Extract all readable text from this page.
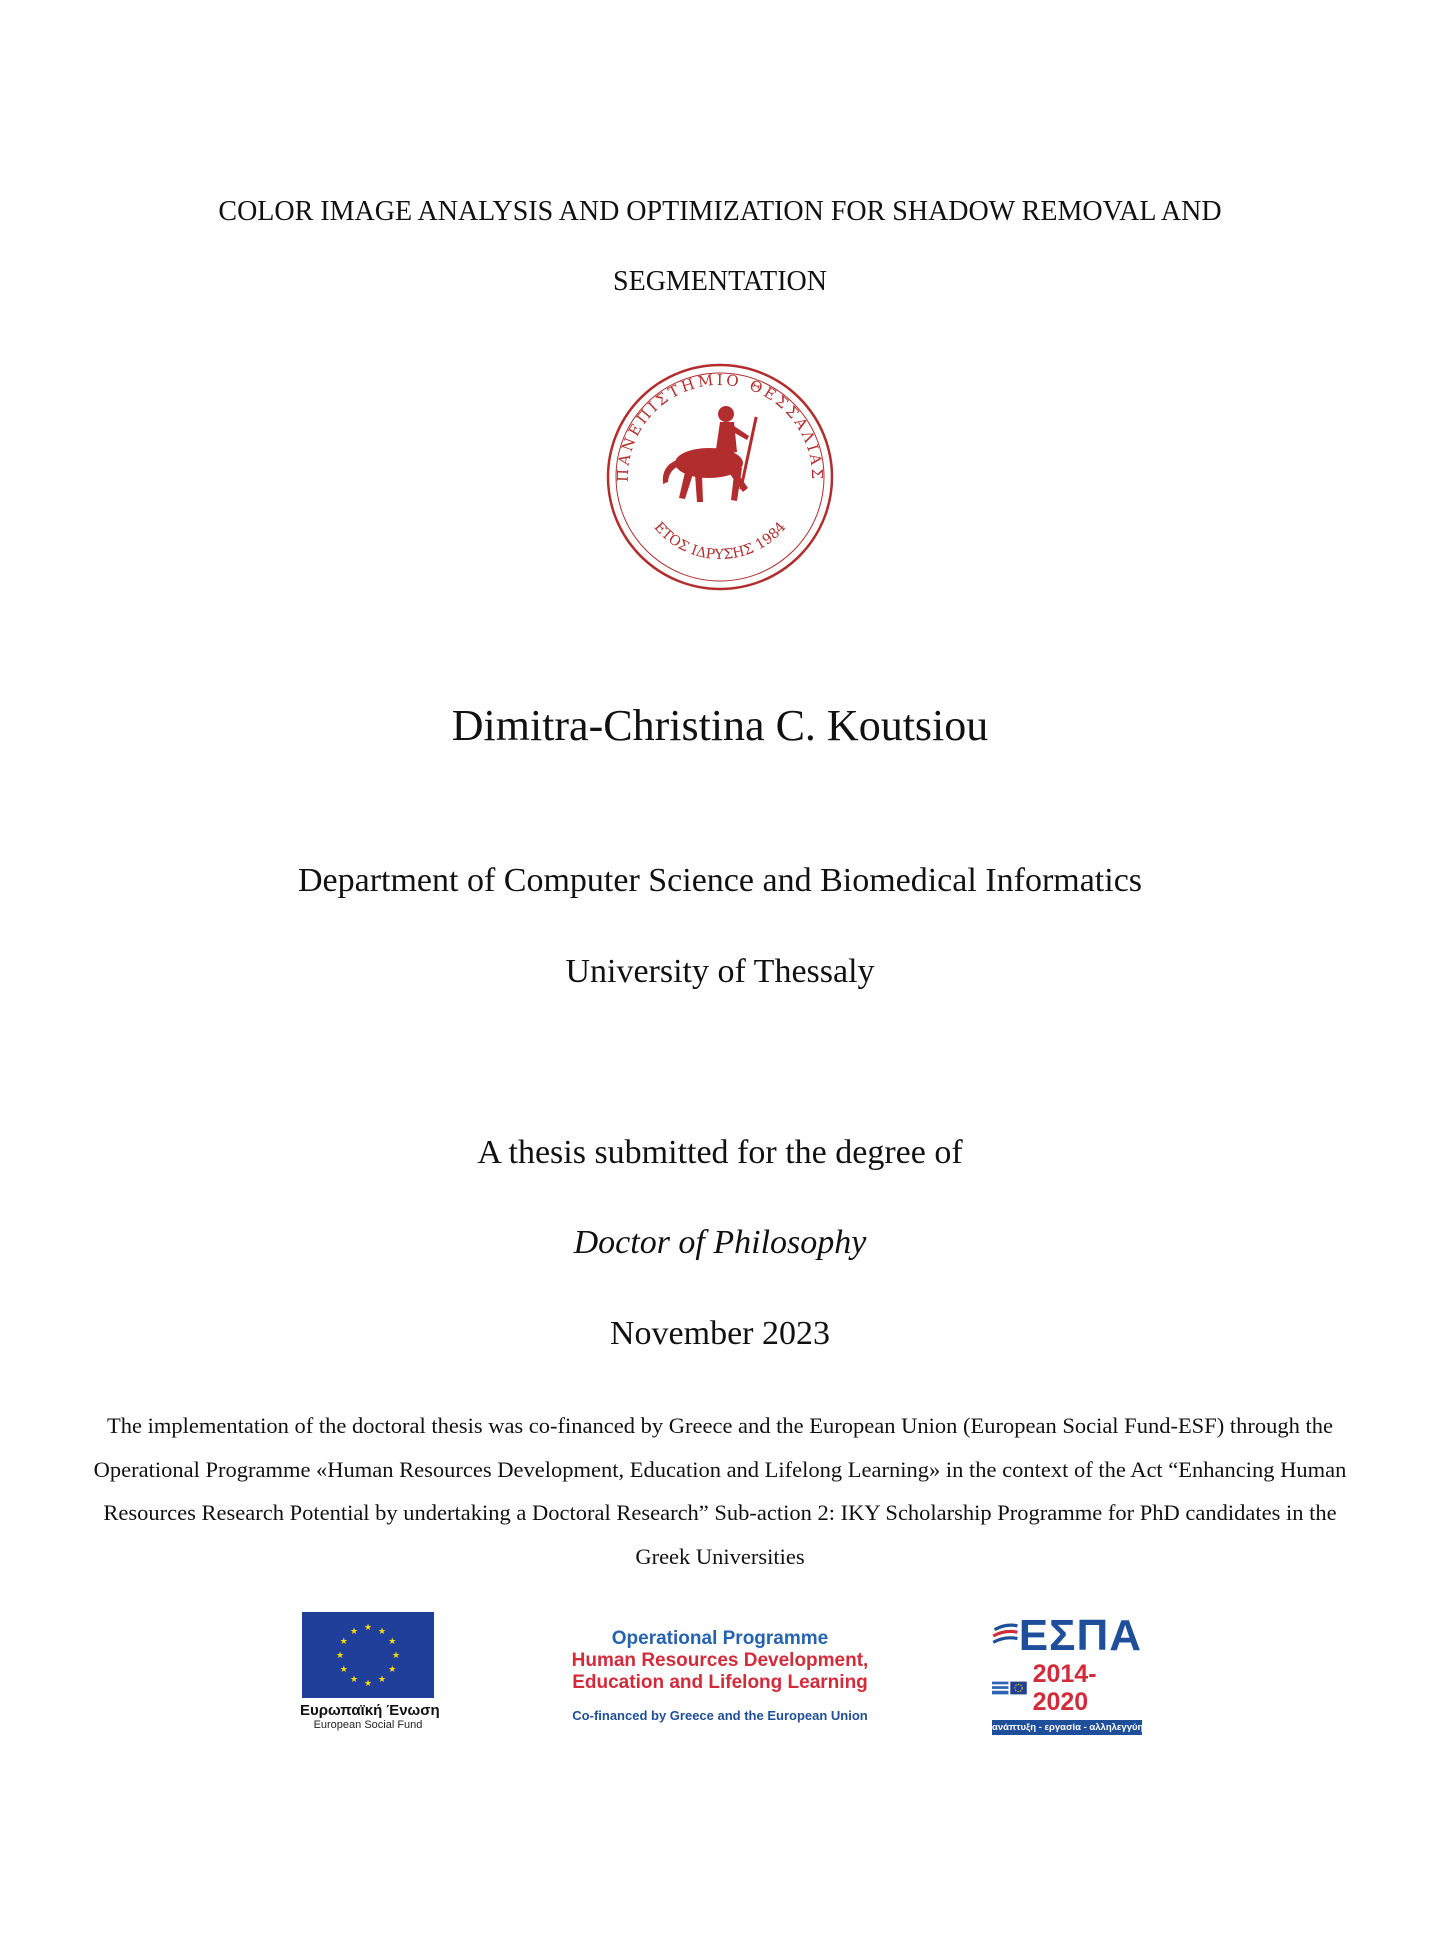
COLOR IMAGE ANALYSIS AND OPTIMIZATION FOR SHADOW REMOVAL AND
SEGMENTATION
ΠΑΝΕΠΙΣΤΗΜΙΟ ΘΕΣΣΑΛΙΑΣ
ΕΤΟΣ ΙΔΡΥΣΗΣ 1984
Dimitra-Christina C. Koutsiou
Department of Computer Science and Biomedical Informatics
University of Thessaly
A thesis submitted for the degree of
Doctor of Philosophy
November 2023
The implementation of the doctoral thesis was co-financed by Greece and the European Union (European Social Fund-ESF) through the Operational Programme «Human Resources Development, Education and Lifelong Learning» in the context of the Act “Enhancing Human Resources Research Potential by undertaking a Doctoral Research” Sub-action 2: IKY Scholarship Programme for PhD candidates in the Greek Universities
★ ★
★
★
★
★
★
★
★
★
★
★
Ευρωπαϊκή Ένωση
European Social Fund
Operational Programme
Human Resources Development,
Education and Lifelong Learning
Co-financed by Greece and the European Union
ΕΣΠΑ
2014-2020
ανάπτυξη - εργασία - αλληλεγγύη
